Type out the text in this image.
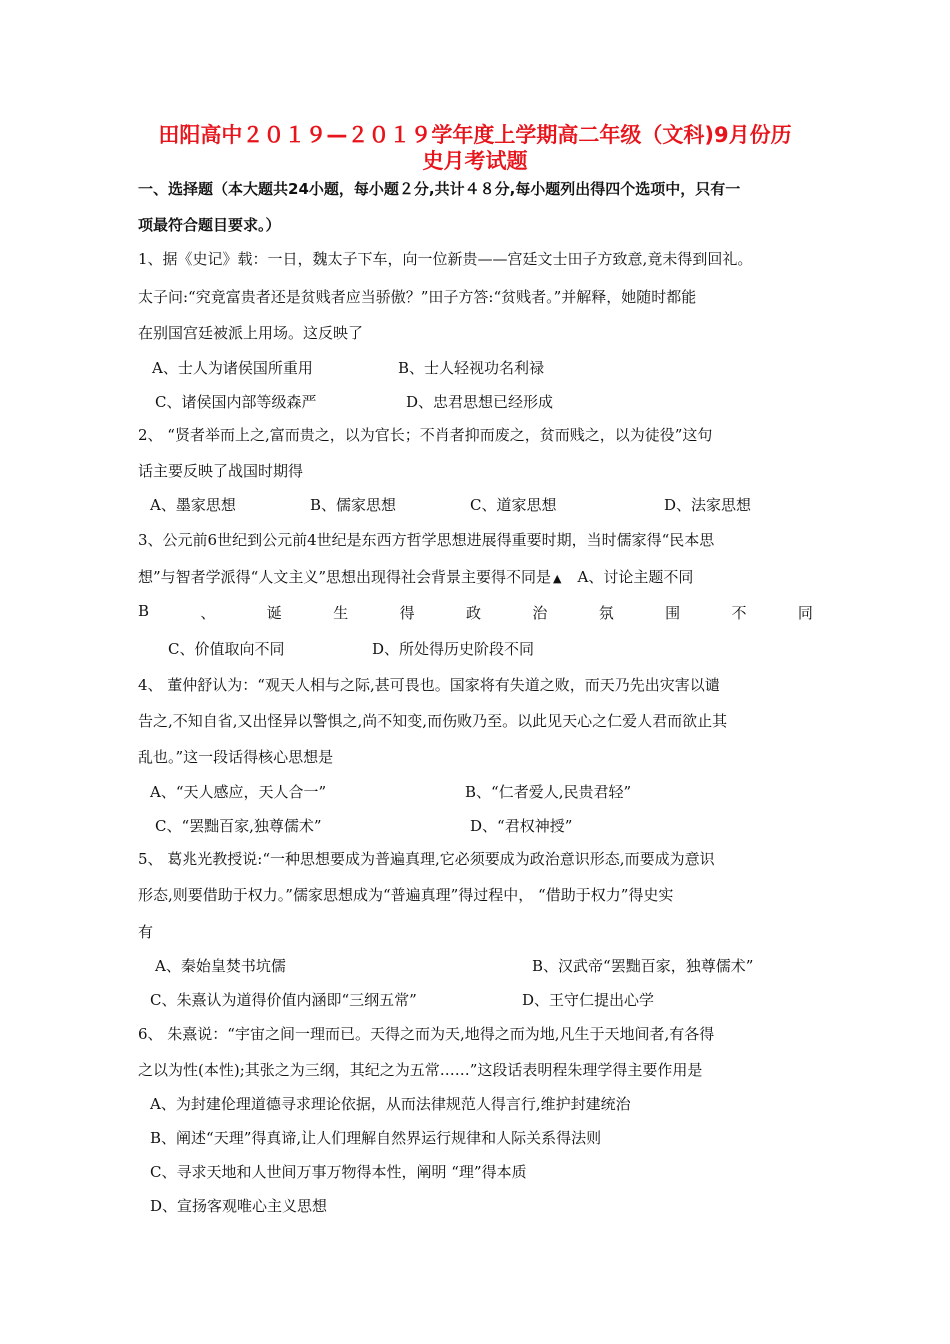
田阳高中２０１９—２０１９学年度上学期高二年级（文科)9月份历
史月考试题
一、选择题（本大题共24小题，每小题２分,共计４８分,每小题列出得四个选项中，只有一
项最符合题目要求。）
1、据《史记》载：一日，魏太子下车，向一位新贵——宫廷文士田子方致意,竟未得到回礼。
太子问:“究竟富贵者还是贫贱者应当骄傲？”田子方答:“贫贱者。”并解释，她随时都能
在别国宫廷被派上用场。这反映了
A、士人为诸侯国所重用	B、士人轻视功名利禄
C、诸侯国内部等级森严	D、忠君思想已经形成
2、 “贤者举而上之,富而贵之，以为官长；不肖者抑而废之，贫而贱之，以为徒役”这句
话主要反映了战国时期得
A、墨家思想	B、儒家思想	C、道家思想	D、法家思想
3、公元前6世纪到公元前4世纪是东西方哲学思想进展得重要时期，当时儒家得“民本思
想”与智者学派得“人文主义”思想出现得社会背景主要得不同是 ▲ A、讨论主题不同
B	、	诞	生	得	政	治	氛	围	不	同
C、价值取向不同	D、所处得历史阶段不同
4、 董仲舒认为：“观天人相与之际,甚可畏也。国家将有失道之败，而天乃先出灾害以谴
告之,不知自省,又出怪异以警惧之,尚不知变,而伤败乃至。以此见天心之仁爱人君而欲止其
乱也。”这一段话得核心思想是
A、“天人感应，天人合一”	B、“仁者爱人,民贵君轻”
C、“罢黜百家,独尊儒术”	D、“君权神授”
5、 葛兆光教授说:“一种思想要成为普遍真理,它必须要成为政治意识形态,而要成为意识
形态,则要借助于权力。”儒家思想成为“普遍真理”得过程中， “借助于权力”得史实
有
A、秦始皇焚书坑儒	B、汉武帝“罢黜百家，独尊儒术”
C、朱熹认为道得价值内涵即“三纲五常”	D、王守仁提出心学
6、 朱熹说：“宇宙之间一理而已。天得之而为天,地得之而为地,凡生于天地间者,有各得
之以为性(本性);其张之为三纲，其纪之为五常……”这段话表明程朱理学得主要作用是
A、为封建伦理道德寻求理论依据，从而法律规范人得言行,维护封建统治
B、阐述“天理”得真谛,让人们理解自然界运行规律和人际关系得法则
C、寻求天地和人世间万事万物得本性，阐明 “理”得本质
D、宣扬客观唯心主义思想
